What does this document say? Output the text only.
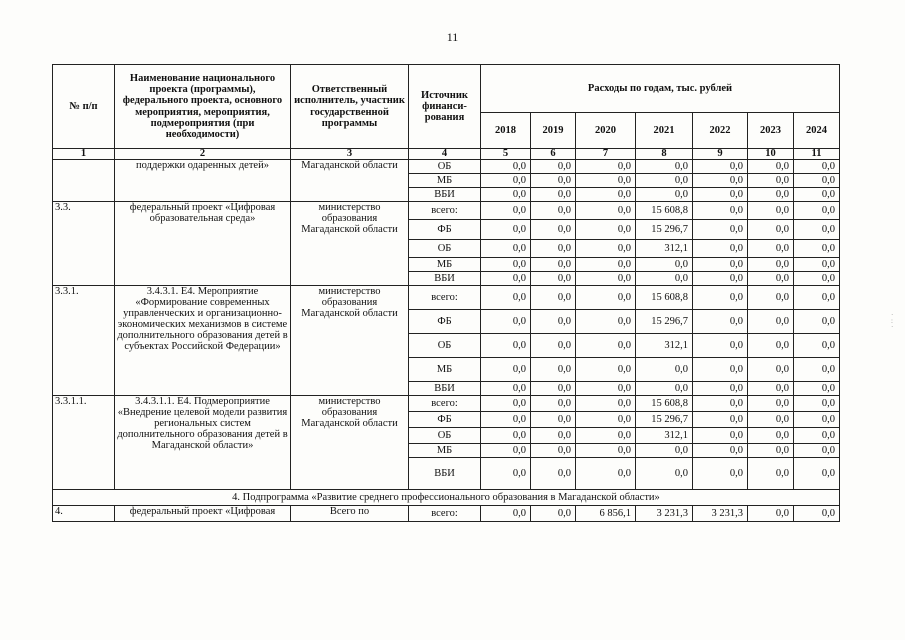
11
№ п/п	Наименование национального проекта (программы), федерального проекта, основного мероприятия, мероприятия, подмероприятия (при необходимости)	Ответственный исполнитель, участник государственной программы	Источник финанси-рования	Расходы по годам, тыс. рублей						
				2018	2019	2020	2021	2022	2023	2024
1	2	3	4	5	6	7	8	9	10	11
	поддержки одаренных детей»	Магаданской области	ОБ	0,0	0,0	0,0	0,0	0,0	0,0	0,0
			МБ	0,0	0,0	0,0	0,0	0,0	0,0	0,0
			ВБИ	0,0	0,0	0,0	0,0	0,0	0,0	0,0
3.3.	федеральный проект «Цифровая образовательная среда»	министерство образования Магаданской области	всего:	0,0	0,0	0,0	15 608,8	0,0	0,0	0,0
			ФБ	0,0	0,0	0,0	15 296,7	0,0	0,0	0,0
			ОБ	0,0	0,0	0,0	312,1	0,0	0,0	0,0
			МБ	0,0	0,0	0,0	0,0	0,0	0,0	0,0
			ВБИ	0,0	0,0	0,0	0,0	0,0	0,0	0,0
3.3.1.	3.4.3.1. Е4. Мероприятие «Формирование современных управленческих и организационно-экономических механизмов в системе дополнительного образования детей в субъектах Российской Федерации»	министерство образования Магаданской области	всего:	0,0	0,0	0,0	15 608,8	0,0	0,0	0,0
			ФБ	0,0	0,0	0,0	15 296,7	0,0	0,0	0,0
			ОБ	0,0	0,0	0,0	312,1	0,0	0,0	0,0
			МБ	0,0	0,0	0,0	0,0	0,0	0,0	0,0
			ВБИ	0,0	0,0	0,0	0,0	0,0	0,0	0,0
3.3.1.1.	3.4.3.1.1. Е4. Подмероприятие «Внедрение целевой модели развития региональных систем дополнительного образования детей в Магаданской области»	министерство образования Магаданской области	всего:	0,0	0,0	0,0	15 608,8	0,0	0,0	0,0
			ФБ	0,0	0,0	0,0	15 296,7	0,0	0,0	0,0
			ОБ	0,0	0,0	0,0	312,1	0,0	0,0	0,0
			МБ	0,0	0,0	0,0	0,0	0,0	0,0	0,0
			ВБИ	0,0	0,0	0,0	0,0	0,0	0,0	0,0
4. Подпрограмма «Развитие среднего профессионального образования в Магаданской области»										
4.	федеральный проект «Цифровая	Всего по	всего:	0,0	0,0	6 856,1	3 231,3	3 231,3	0,0	0,0
·
:
·
